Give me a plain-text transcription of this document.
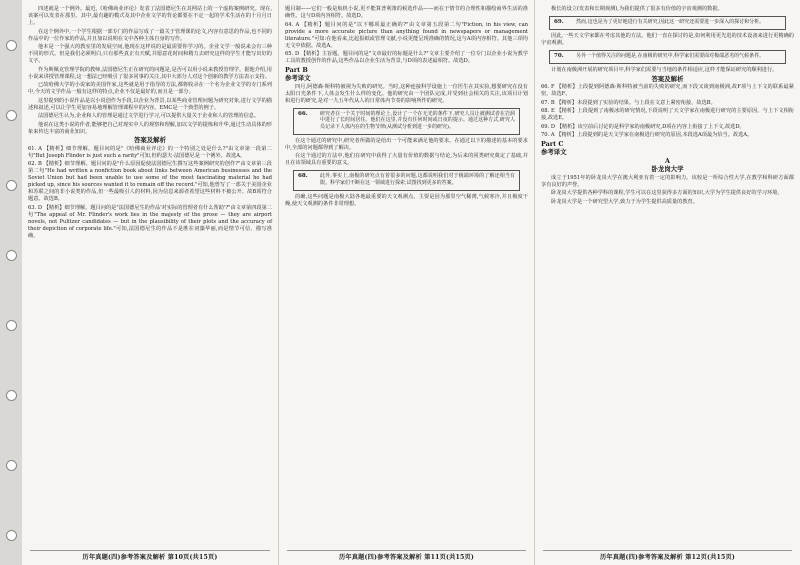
四述就是一个例外。最近,《哈佛商业评论》发表了法国德尼生在其网站上的一个虚构案例研究。现在,该案可以发表在那里。其中,最有趣的模式及其中企业文学的背论都要在不定一起的学术生活在的十月月日上。

在这个例外中,一个学生根据一部专门的作品写成了一篇关于管理课的论文,内容有意思的作品,也不同的作品中的一位作家的作品,并且加以说明在文中各种主体自身的写作。

他本是一个强大的教室里的发展空间,他现在这样说的是最需要你学习的。企业文学一般说来会有三种不同的形式。但是我们必须明白,只有那些真正有天赋,并愿意花时间和精力去研究这样的学生才能写出好的文字。

作为斯佩克管理学院的教师,法国德尼生正在研究的问题是,是否可以用小说来教授管理学。据他介绍,用小说来讲授管理课程,这一想法已经吸引了很多同事的关注,其中大部分人对这个创新的教学方法表示支持。

已故哈佛大学的小说家的美国作家,这些就是用于指导的方法,都将收录在一个名为企业文学的专门系列中,今天的文学作品一般有这样的特点,企业不仅是最好的,而且是一部分。

这里提到的小说作品是以小说创作为手段,以企业为背景,以某些商业管理问题为研究对象,进行文学的描述和叙述,可以让学生更加容易地理解管理课程中的内容。EMC是一个典型的例子。

法国德尼生认为,企业和人的管理是通过文学进行学习,可以提供大量关于企业和人的管理的信息。

他说在这类小说的作者,能够把自己对现实中人的观察和理解,加以文学的提炼和升华,通过生动具体的形象来传达丰富的商业知识。

答案及解析

61. A 【精析】细节理解。题目问的是"《哈佛商业评论》的一个特别之处是什么?"由文章第一段第二句"But Joseph Flinder is just such a rarity"可知,但约瑟夫·法国德尼是一个例外。故选A。

62. B 【精析】细节理解。题目问的是"什么原因促使法国德尼生撰写这些案例研究的创作?"由文章第三段第二句"He had written a nonfiction book about links between American businesses and the Soviet Union but had been unable to use some of the most fascinating material he had picked up, since his sources wanted it to remain off the record."可知,他曾写了一部关于美国企业和苏联之间的非小说类的作品,但一些最吸引人的材料,因为信息来源者希望这些材料不被公开。故B项符合题意。故选B。

63. D 【精析】细节理解。题目问的是"法国德尼生的作品'对实际的管理者有什么帮助'?"由文章第四段第二句"The appeal of Mr. Flinder's work lies in the majesty of the prose — they are airport novels, not Pulitzer candidates — but in the plausibility of their plots and the accuracy of their depiction of corporate life."可知,法国德尼生的作品不是胜在词藻华丽,而是情节可信、描写准确。

历年真题(四)参考答案及解析 第10页(共15页)

题目制——它们一般是航机小说,更不能算普利策的候选作品——而在于情节的合理性和描绘商界生活的准确性。这与D项内容相符。故选D。

64. A 【精析】题目问的是"以下哪项最正确的?"由文章第五段第二句"Fiction, in his view, can provide a more accurate picture than anything found in newspapers or management literature."可知:在他看来,比起报纸或管理文献,小说更能呈现准确的情况,这与A项内容相符。其他三项均无文中依据。故选A。

65. D 【精析】主旨题。题目问的是"文章最好的标题是什么?"文章主要介绍了一位专门以企业小说为教学工具的教授创作的作品,这些作品以企业生活为背景,与D项的表述最相符。故选D。

Part B

参考译文

四月,阿德森·斯科特被视为失败的研究。当时,这种连接科学设施上一位医生在其实验,想要研究在没有太阳日光条件下,人体会发生什么样的变化。他的研究由一个团队完成,并受到社会相关的关注,该项目计划和进行的研究,是对一九五年代从人的日常体内节奏的影响所作的研究。

66. 研究者在一个关于时间的理论上,设计了一个在无光的条件下,研究人员让被测试者在岩洞中进行了长时间居住。他们在这里,并没有任何时间或日夜的提示。通过这种方式,研究人员记录下人体内在的生物节律(从测试分析到进一步的研究)。

在这个通过的研究中,研究者所做的是给出一个可能来满足他的要求。在通过以下的描述的基本的要求中,全部的问题都得到了解决。

在这个通过的方法中,他们在研究中获得了大量有价值的数据与结论,为后来的同类研究奠定了基础,并且在该领域具有重要的意义。

68. 此外,事实上,南极的研究点有着很多的问题,这都说明我们对于极端环境的了解还相当有限。科学家们不断在这一领域进行探索,试图找到更多的答案。

的确,这些问题是南极大陆各地最重要的天文观测点。主要是因为那里空气稀薄,气候寒冷,并且极度干燥,使天文观测的条件非常理想。

历年真题(四)参考答案及解析 第11页(共15页)

极长的设立(发表和长期观测),为我们提供了很多有价值的宇宙观测的数据。

69. 然而,这也是为了更好地进行有关研究,因此这一研究还需要进一步深入的探讨和分析。

因此,一些天文学家都在考虑其他的方法。他们一直在探讨的是,如何利用更先进的技术设备来进行更精确的宇宙观测。

70. 另外一个值得关注的问题是,在南极的研究中,科学家们需要面对极端恶劣的气候条件。

计划在南极洲开展的研究项目中,科学家们需要与当地的条件相适应,这样才能保证研究的顺利进行。

答案及解析

66. F 【精析】上段提到阿德森·斯科特被当前的失败的研究,而下段又谈到南极洲,故F项与上下文的联系最紧密。故选F。

67. B 【精析】本段提到了实验的结果。与上段在文意上紧密衔接。故选B。

68. E 【精析】上段提到了南极冰的研究情况,下段说明了天文学家在南极进行研究的主要原因。与上下文相衔接,故选E。

69. D 【精析】该空前后讨论的是科学家的南极研究,D项在内容上衔接了上下文,故选D。

70. A 【精析】上段提到的是天文学家在南极进行研究的原因,本段选A项最为恰当。故选A。

Part C

参考译文

A

卧龙岗大学

成立于1951年的卧龙岗大学在澳大利亚有着一定的影响力。该校是一所综合性大学,在教学和科研方面都享有良好的声誉。

卧龙岗大学提供各种学科的课程,学生可以在这里获得多方面的知识,大学为学生提供良好的学习环境。

卧龙岗大学是一个研究型大学,致力于为学生提供高质量的教育。

历年真题(四)参考答案及解析 第12页(共15页)
